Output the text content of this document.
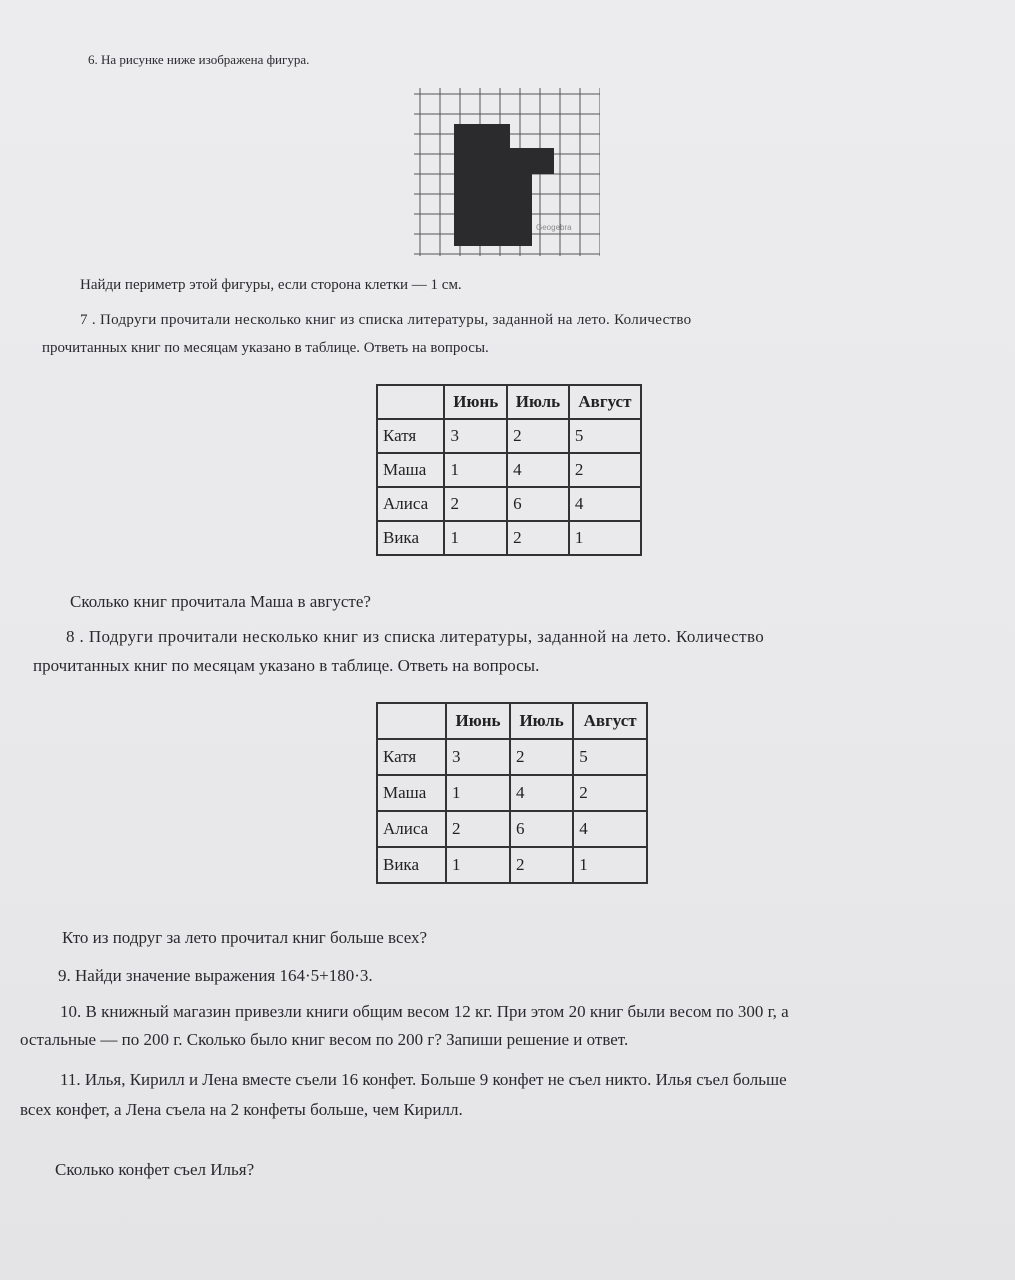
6. На рисунке ниже изображена фигура.
Geogebra
Найди периметр этой фигуры, если сторона клетки — 1 см.
7 . Подруги прочитали несколько книг из списка литературы, заданной на лето. Количество
прочитанных книг по месяцам указано в таблице. Ответь на вопросы.
	Июнь	Июль	Август
Катя	3	2	5
Маша	1	4	2
Алиса	2	6	4
Вика	1	2	1
Сколько книг прочитала Маша в августе?
8 . Подруги прочитали несколько книг из списка литературы, заданной на лето. Количество
прочитанных книг по месяцам указано в таблице. Ответь на вопросы.
	Июнь	Июль	Август
Катя	3	2	5
Маша	1	4	2
Алиса	2	6	4
Вика	1	2	1
Кто из подруг за лето прочитал книг больше всех?
9. Найди значение выражения 164·5+180·3.
10. В книжный магазин привезли книги общим весом 12 кг. При этом 20 книг были весом по 300 г, а
остальные — по 200 г. Сколько было книг весом по 200 г? Запиши решение и ответ.
11. Илья, Кирилл и Лена вместе съели 16 конфет. Больше 9 конфет не съел никто. Илья съел больше
всех конфет, а Лена съела на 2 конфеты больше, чем Кирилл.
Сколько конфет съел Илья?
